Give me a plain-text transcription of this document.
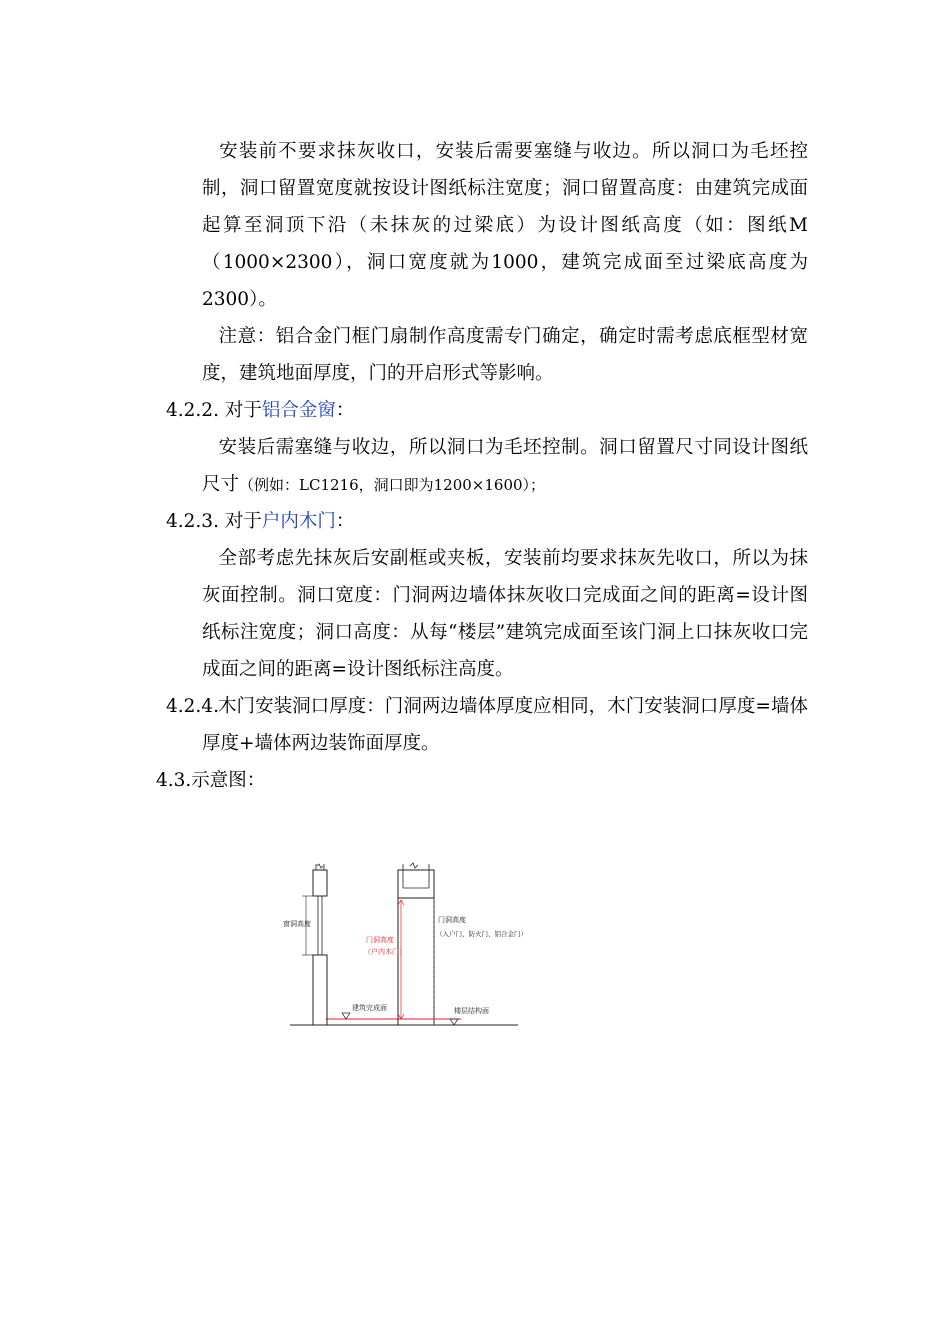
安装前不要求抹灰收口，安装后需要塞缝与收边。所以洞口为毛坯控制，洞口留置宽度就按设计图纸标注宽度；洞口留置高度：由建筑完成面起算至洞顶下沿（未抹灰的过梁底）为设计图纸高度（如：图纸M（1000×2300），洞口宽度就为1000，建筑完成面至过梁底高度为2300）。

注意：铝合金门框门扇制作高度需专门确定，确定时需考虑底框型材宽度，建筑地面厚度，门的开启形式等影响。

4.2.2. 对于铝合金窗：

安装后需塞缝与收边，所以洞口为毛坯控制。洞口留置尺寸同设计图纸尺寸（例如：LC1216，洞口即为1200×1600）；

4.2.3. 对于户内木门：

全部考虑先抹灰后安副框或夹板，安装前均要求抹灰先收口，所以为抹灰面控制。洞口宽度：门洞两边墙体抹灰收口完成面之间的距离=设计图纸标注宽度；洞口高度：从每“楼层”建筑完成面至该门洞上口抹灰收口完成面之间的距离=设计图纸标注高度。

4.2.4. 木门安装洞口厚度：门洞两边墙体厚度应相同，木门安装洞口厚度=墙体厚度+墙体两边装饰面厚度。

4.3.示意图：

窗洞高度
门洞高度
（户内木门）
门洞高度
（入户门、防火门、铝合金门）
建筑完成面	楼层结构面
